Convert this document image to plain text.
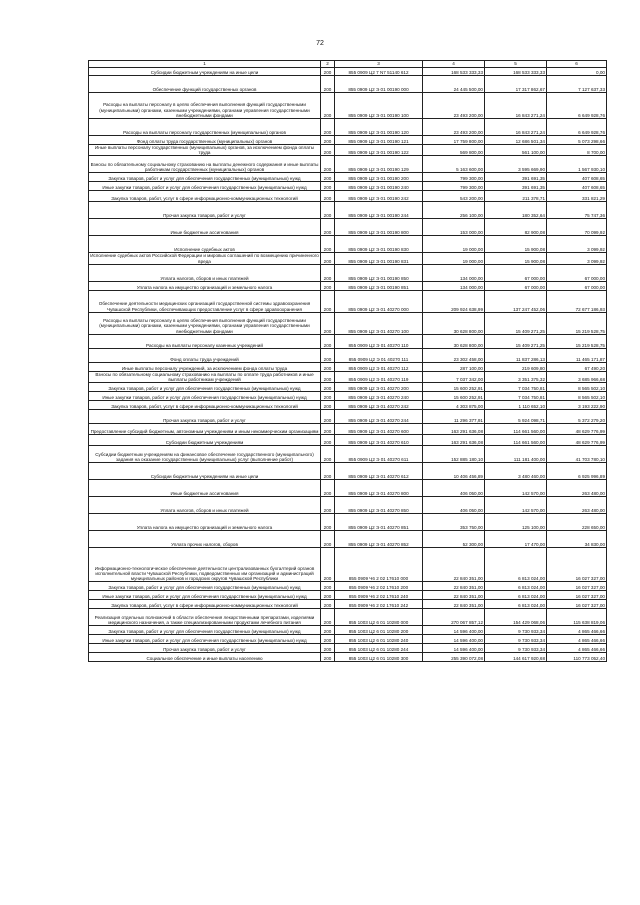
72
1	2	3	4	5	6
Субсидии бюджетным учреждениям на иные цели	200	855 0909 Ц2 7 N7 51140 612	168 533 333,33	168 533 333,33	0,00
Обеспечение функций государственных органов	200	855 0909 Ц2 Э 01 00190 000	24 445 500,00	17 317 862,67	7 127 637,33
Расходы на выплаты персоналу в целях обеспечения выполнения функций государственными (муниципальными) органами, казенными учреждениями, органами управления государственными внебюджетными фондами	200	855 0909 Ц2 Э 01 00190 100	23 493 200,00	16 843 271,24	6 649 928,76
Расходы на выплаты персоналу государственных (муниципальных) органов	200	855 0909 Ц2 Э 01 00190 120	23 493 200,00	16 843 271,24	6 649 928,76
Фонд оплаты труда государственных (муниципальных) органов	200	855 0909 Ц2 Э 01 00190 121	17 759 800,00	12 686 501,34	5 073 298,66
Иные выплаты персоналу государственных (муниципальных) органов, за исключением фонда оплаты труда	200	855 0909 Ц2 Э 01 00190 122	569 800,00	561 100,00	8 700,00
Взносы по обязательному социальному страхованию на выплаты денежного содержания и иные выплаты работникам государственных (муниципальных) органов	200	855 0909 Ц2 Э 01 00190 129	5 163 600,00	3 595 669,90	1 567 930,10
Закупка товаров, работ и услуг для обеспечения государственных (муниципальных) нужд	200	855 0909 Ц2 Э 01 00190 200	799 300,00	391 691,35	407 608,65
Иные закупки товаров, работ и услуг для обеспечения государственных (муниципальных) нужд	200	855 0909 Ц2 Э 01 00190 240	799 300,00	391 691,35	407 608,65
Закупка товаров, работ, услуг в сфере информационно-коммуникационных технологий	200	855 0909 Ц2 Э 01 00190 242	543 200,00	211 378,71	331 821,29
Прочая закупка товаров, работ и услуг	200	855 0909 Ц2 Э 01 00190 244	256 100,00	180 352,64	75 747,36
Иные бюджетные ассигнования	200	855 0909 Ц2 Э 01 00190 800	153 000,00	82 900,08	70 099,92
Исполнение судебных актов	200	855 0909 Ц2 Э 01 00190 830	19 000,00	15 900,08	3 099,92
Исполнение судебных актов Российской Федерации и мировых соглашений по возмещению причиненного вреда	200	855 0909 Ц2 Э 01 00190 831	19 000,00	15 900,08	3 099,92
Уплата налогов, сборов и иных платежей	200	855 0909 Ц2 Э 01 00190 850	134 000,00	67 000,00	67 000,00
Уплата налога на имущество организаций и земельного налога	200	855 0909 Ц2 Э 01 00190 851	134 000,00	67 000,00	67 000,00
Обеспечение деятельности медицинских организаций государственной системы здравоохранения Чувашской Республики, обеспечивающих предоставление услуг в сфере здравоохранения	200	855 0909 Ц2 Э 01 40270 000	209 924 638,99	137 247 452,06	72 677 186,93
Расходы на выплаты персоналу в целях обеспечения выполнения функций государственными (муниципальными) органами, казенными учреждениями, органами управления государственными внебюджетными фондами	200	855 0909 Ц2 Э 01 40270 100	30 628 800,00	15 409 271,25	15 219 528,75
Расходы на выплаты персоналу казенных учреждений	200	855 0909 Ц2 Э 01 40270 110	30 628 800,00	15 409 271,25	15 219 528,75
Фонд оплаты труда учреждений	200	855 0909 Ц2 Э 01 40270 111	23 302 458,00	11 837 286,13	11 465 171,87
Иные выплаты персоналу учреждений, за исключением фонда оплаты труда	200	855 0909 Ц2 Э 01 40270 112	287 100,00	219 609,80	67 490,20
Взносы по обязательному социальному страхованию на выплаты по оплате труда работников и иные выплаты работникам учреждений	200	855 0909 Ц2 Э 01 40270 119	7 037 342,00	3 351 375,32	3 685 966,68
Закупка товаров, работ и услуг для обеспечения государственных (муниципальных) нужд	200	855 0909 Ц2 Э 01 40270 200	15 600 252,91	7 034 750,81	8 565 502,10
Иные закупки товаров, работ и услуг для обеспечения государственных (муниципальных) нужд	200	855 0909 Ц2 Э 01 40270 240	15 600 252,91	7 034 750,81	8 565 502,10
Закупка товаров, работ, услуг в сфере информационно-коммуникационных технологий	200	855 0909 Ц2 Э 01 40270 242	4 303 875,00	1 110 652,10	3 193 222,90
Прочая закупка товаров, работ и услуг	200	855 0909 Ц2 Э 01 40270 244	11 296 377,91	5 924 098,71	5 372 279,20
Предоставление субсидий бюджетным, автономным учреждениям и иным некоммерческим организациям	200	855 0909 Ц2 Э 01 40270 600	163 291 636,08	114 661 560,00	48 629 776,99
Субсидии бюджетным учреждениям	200	855 0909 Ц2 Э 01 40270 610	163 291 636,08	114 661 560,00	48 629 776,99
Субсидии бюджетным учреждениям на финансовое обеспечение государственного (муниципального) задания на оказание государственных (муниципальных) услуг (выполнение работ)	200	855 0909 Ц2 Э 01 40270 611	152 885 180,10	111 181 400,00	41 703 780,10
Субсидии бюджетным учреждениям на иные цели	200	855 0909 Ц2 Э 01 40270 612	10 406 456,89	3 480 460,00	6 925 996,89
Иные бюджетные ассигнования	200	855 0909 Ц2 Э 01 40270 800	406 050,00	142 570,00	263 480,00
Уплата налогов, сборов и иных платежей	200	855 0909 Ц2 Э 01 40270 850	406 050,00	142 570,00	263 480,00
Уплата налога на имущество организаций и земельного налога	200	855 0909 Ц2 Э 01 40270 851	353 750,00	125 100,00	228 650,00
Уплата прочих налогов, сборов	200	855 0909 Ц2 Э 01 40270 852	52 300,00	17 470,00	34 830,00
Информационно-технологическое обеспечение деятельности централизованных бухгалтерий органов исполнительной власти Чувашской Республики, подведомственных им организаций и администраций муниципальных районов и городских округов Чувашской Республики	200	855 0909 Ч6 2 02 17610 000	22 840 351,00	6 813 024,00	16 027 327,00
Закупка товаров, работ и услуг для обеспечения государственных (муниципальных) нужд	200	855 0909 Ч6 2 02 17610 200	22 840 351,00	6 813 024,00	16 027 327,00
Иные закупки товаров, работ и услуг для обеспечения государственных (муниципальных) нужд	200	855 0909 Ч6 2 02 17610 240	22 840 351,00	6 813 024,00	16 027 327,00
Закупка товаров, работ, услуг в сфере информационно-коммуникационных технологий	200	855 0909 Ч6 2 02 17610 242	22 840 351,00	6 813 024,00	16 027 327,00
Реализация отдельных полномочий в области обеспечения лекарственными препаратами, изделиями медицинского назначения, а также специализированными продуктами лечебного питания	200	855 1003 Ц2 6 01 10280 000	270 067 857,12	154 429 068,06	115 638 819,06
Закупка товаров, работ и услуг для обеспечения государственных (муниципальных) нужд	200	855 1003 Ц2 6 01 10280 200	14 596 400,00	9 730 933,34	4 865 466,66
Иные закупки товаров, работ и услуг для обеспечения государственных (муниципальных) нужд	200	855 1003 Ц2 6 01 10280 240	14 596 400,00	9 730 933,34	4 865 466,66
Прочая закупка товаров, работ и услуг	200	855 1003 Ц2 6 01 10280 244	14 596 400,00	9 730 933,34	4 865 466,66
Социальное обеспечение и иные выплаты населению	200	855 1003 Ц2 6 01 10280 300	255 390 072,08	144 617 920,68	110 773 052,40
